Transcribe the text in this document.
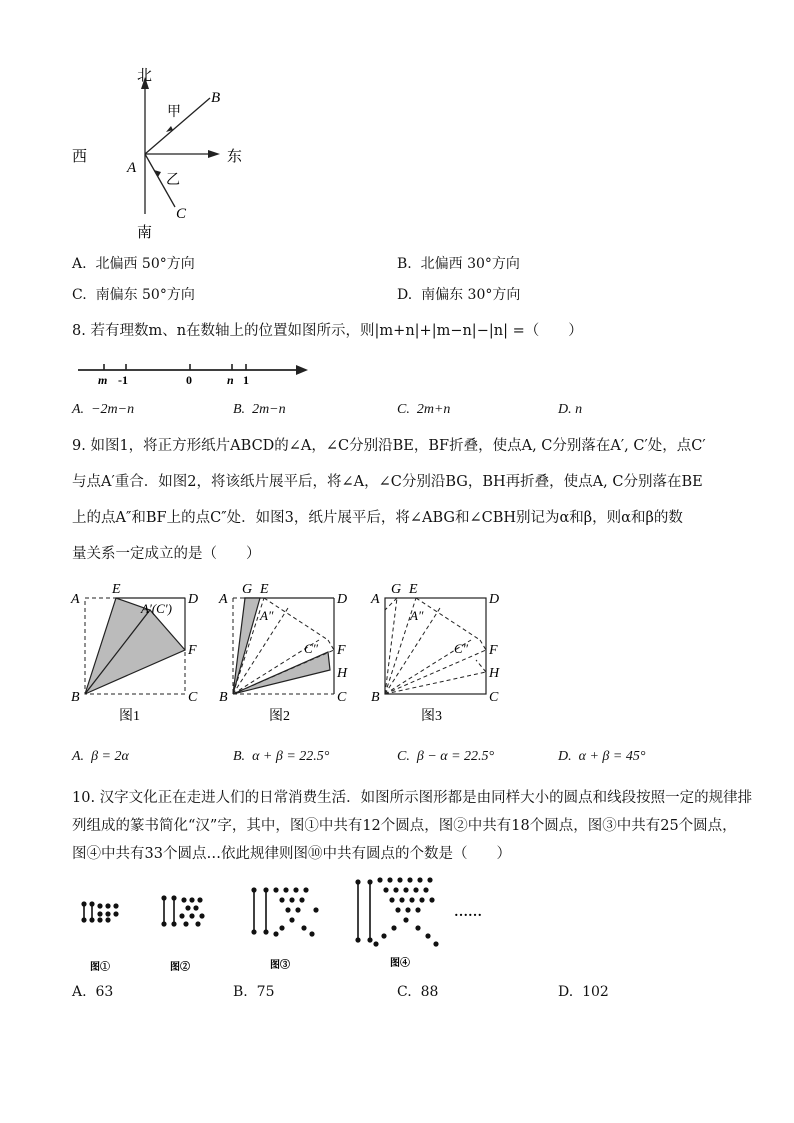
北
南
西	东
A
甲
B
乙
C
A. 北偏西 50°方向	B. 北偏西 30°方向
C. 南偏东 50°方向	D. 南偏东 30°方向
8. 若有理数m、n在数轴上的位置如图所示，则|m+n|+|m−n|−|n| =（　　）
m -1	0	n 1
A. −2m−n	B. 2m−n	C. 2m+n	D. n
9. 如图1，将正方形纸片ABCD的∠A，∠C分别沿BE，BF折叠，使点A, C分别落在A′, C′处，点C′
与点A′重合．如图2，将该纸片展平后，将∠A，∠C分别沿BG，BH再折叠，使点A, C分别落在BE
上的点A″和BF上的点C″处．如图3，纸片展平后，将∠ABG和∠CBH别记为α和β，则α和β的数
量关系一定成立的是（　　）
A
E
D
A′(C′)
F
B	C
图1
A
G E
D
A″
C″ F
H
B	C
图2
A
G E
D
A″
C″ F
H
B	C
图3
A. β = 2α	B. α + β = 22.5°	C. β − α = 22.5°	D. α + β = 45°
10. 汉字文化正在走进人们的日常消费生活．如图所示图形都是由同样大小的圆点和线段按照一定的规律排
列组成的篆书简化“汉”字，其中，图①中共有12个圆点，图②中共有18个圆点，图③中共有25个圆点，
图④中共有33个圆点…依此规律则图⑩中共有圆点的个数是（　　）
图①	图②	图③	图④
……
A. 63	B. 75	C. 88	D. 102
